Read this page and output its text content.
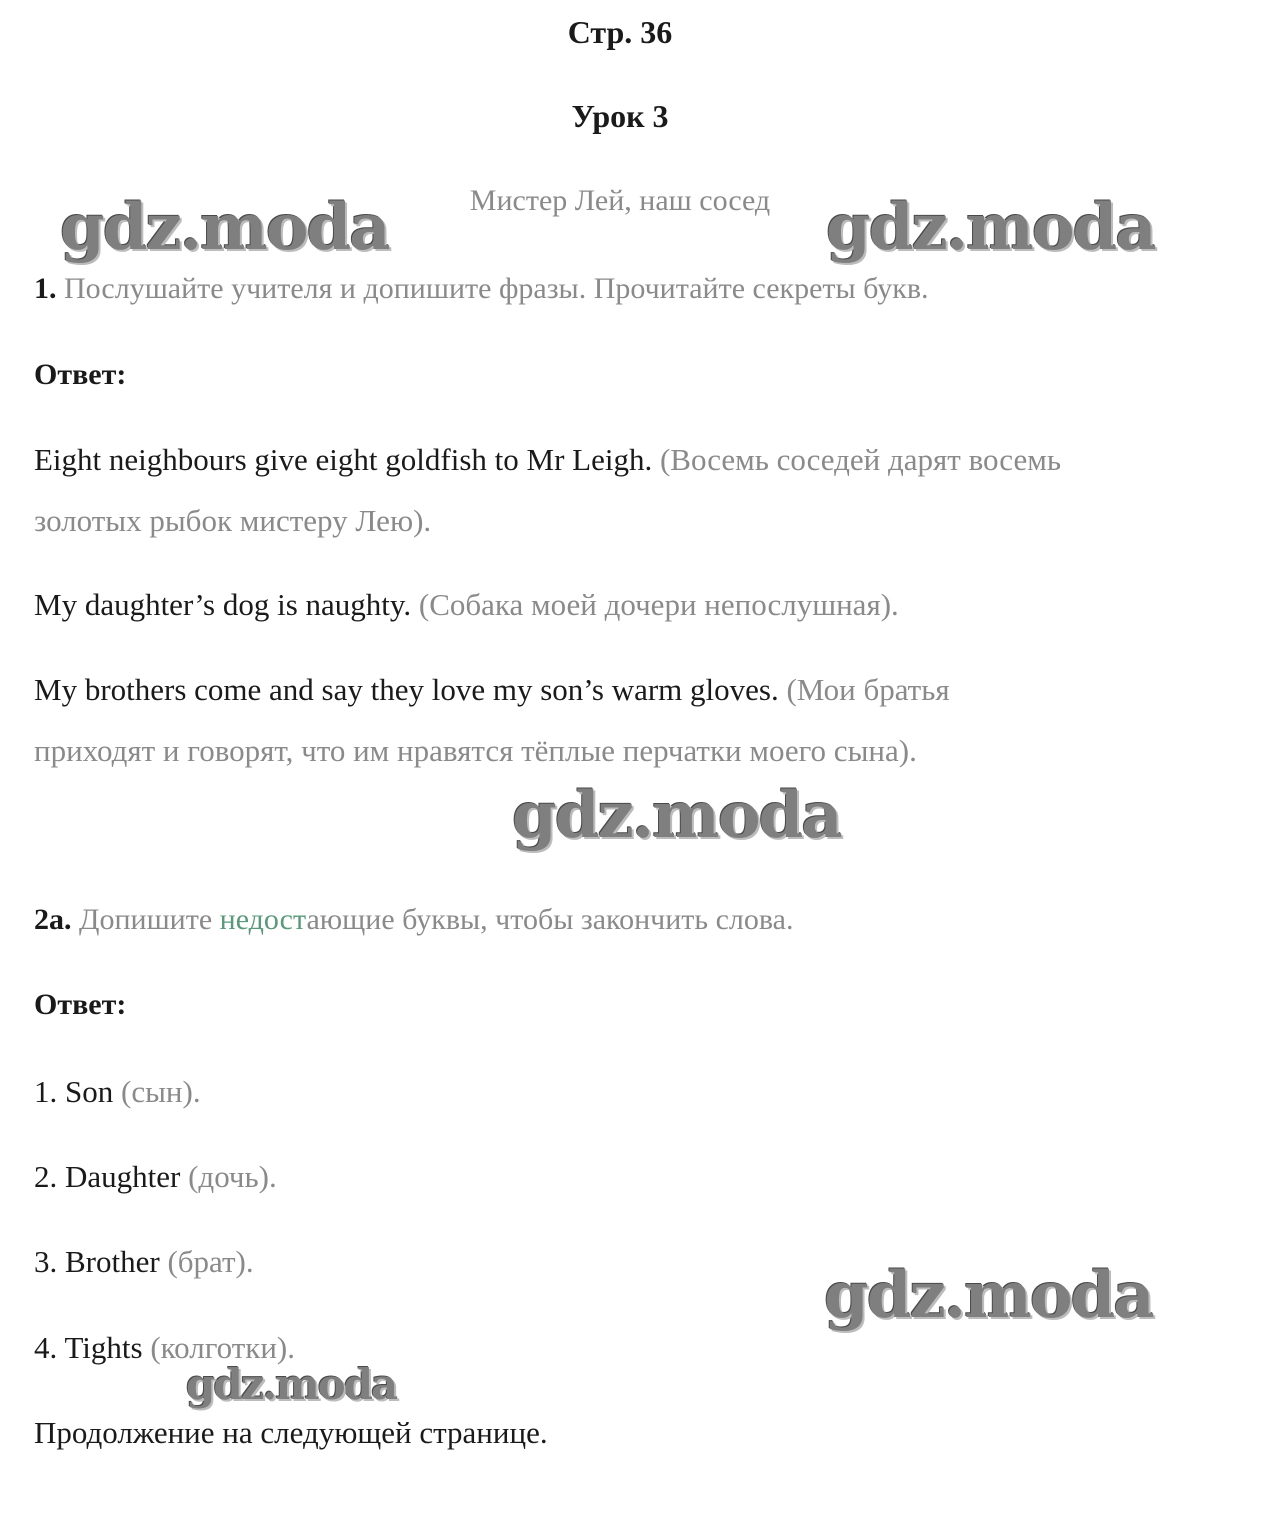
Стр. 36
Урок 3
Мистер Лей, наш сосед
gdz.moda	gdz.moda
gdz.moda
gdz.moda
gdz.moda
1. Послушайте учителя и допишите фразы. Прочитайте секреты букв.
Ответ:
Eight neighbours give eight goldfish to Mr Leigh. (Восемь соседей дарят восемь
золотых рыбок мистеру Лею).
My daughter’s dog is naughty. (Собака моей дочери непослушная).
My brothers come and say they love my son’s warm gloves. (Мои братья
приходят и говорят, что им нравятся тёплые перчатки моего сына).
2a. Допишите недостающие буквы, чтобы закончить слова.
Ответ:
1. Son (сын).
2. Daughter (дочь).
3. Brother (брат).
4. Tights (колготки).
Продолжение на следующей странице.
